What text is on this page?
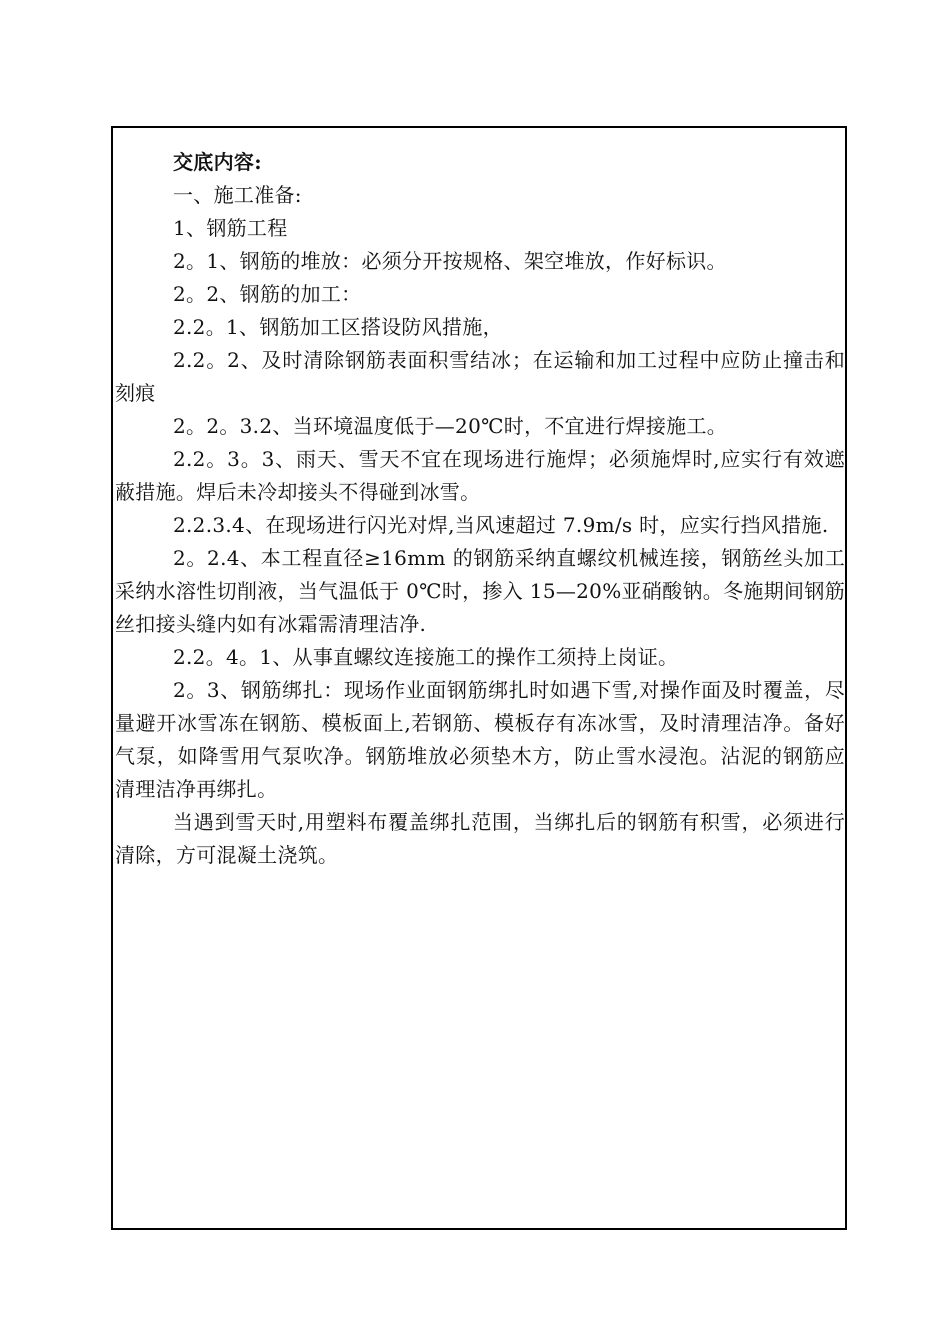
交底内容:

一、施工准备:

1、钢筋工程

2。1、钢筋的堆放：必须分开按规格、架空堆放，作好标识。

2。2、钢筋的加工：

2.2。1、钢筋加工区搭设防风措施，

2.2。2、及时清除钢筋表面积雪结冰；在运输和加工过程中应防止撞击和刻痕

2。2。3.2、当环境温度低于—20℃时，不宜进行焊接施工。

2.2。3。3、雨天、雪天不宜在现场进行施焊；必须施焊时,应实行有效遮蔽措施。焊后未冷却接头不得碰到冰雪。

2.2.3.4、在现场进行闪光对焊,当风速超过 7.9m/s 时，应实行挡风措施.

2。2.4、本工程直径≥16mm 的钢筋采纳直螺纹机械连接，钢筋丝头加工采纳水溶性切削液，当气温低于 0℃时，掺入 15—20%亚硝酸钠。冬施期间钢筋丝扣接头缝内如有冰霜需清理洁净.

2.2。4。1、从事直螺纹连接施工的操作工须持上岗证。

2。3、钢筋绑扎：现场作业面钢筋绑扎时如遇下雪,对操作面及时覆盖，尽量避开冰雪冻在钢筋、模板面上,若钢筋、模板存有冻冰雪，及时清理洁净。备好气泵，如降雪用气泵吹净。钢筋堆放必须垫木方，防止雪水浸泡。沾泥的钢筋应清理洁净再绑扎。

当遇到雪天时,用塑料布覆盖绑扎范围，当绑扎后的钢筋有积雪，必须进行清除，方可混凝土浇筑。
